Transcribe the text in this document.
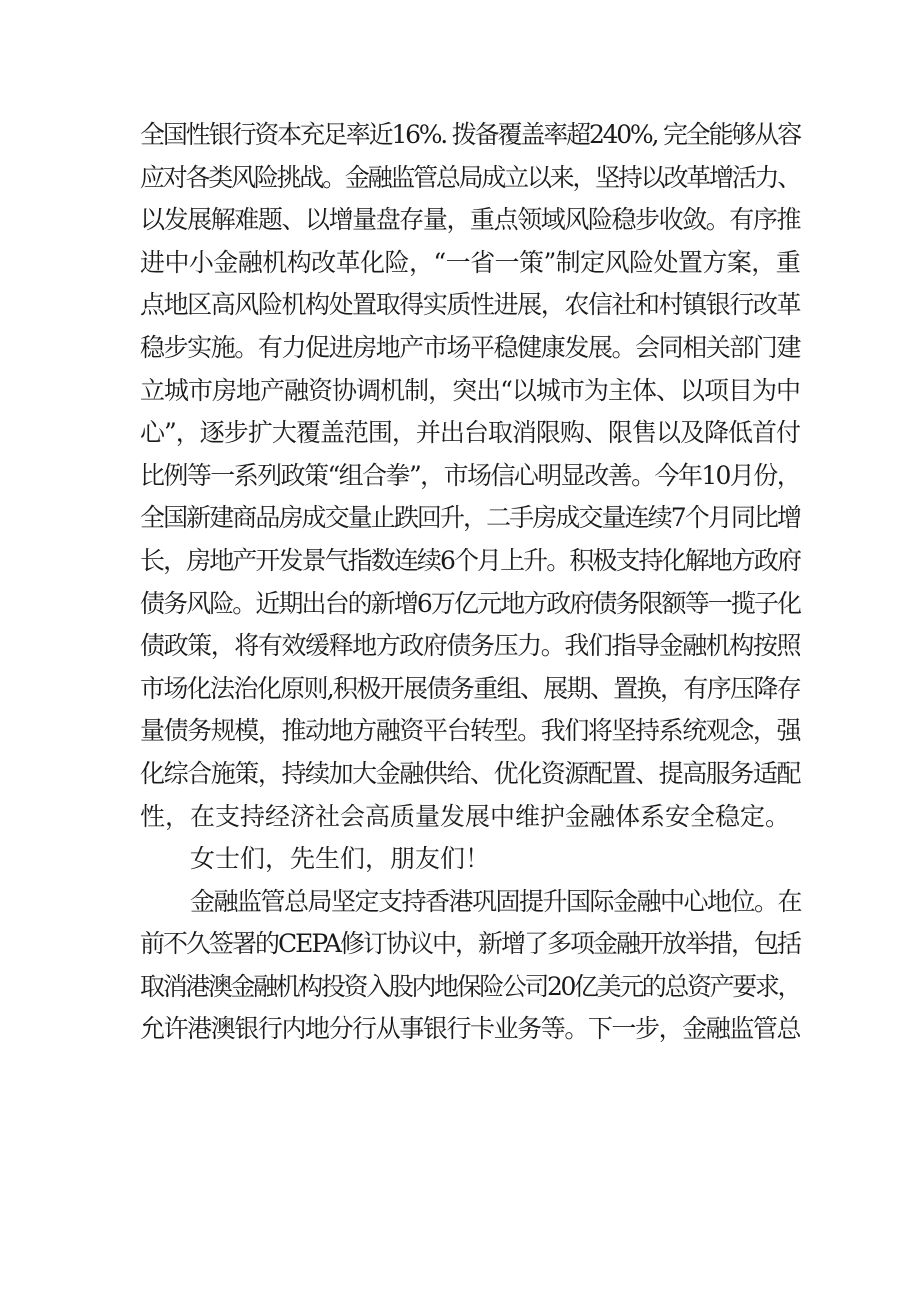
全国性银行资本充足率近16%. 拨备覆盖率超240%, 完全能够从容
应对各类风险挑战。金融监管总局成立以来，坚持以改革增活力、
以发展解难题、以增量盘存量，重点领域风险稳步收敛。有序推
进中小金融机构改革化险，“一省一策”制定风险处置方案，重
点地区高风险机构处置取得实质性进展，农信社和村镇银行改革
稳步实施。有力促进房地产市场平稳健康发展。会同相关部门建
立城市房地产融资协调机制，突出“以城市为主体、以项目为中
心”，逐步扩大覆盖范围，并出台取消限购、限售以及降低首付
比例等一系列政策“组合拳”，市场信心明显改善。今年10月份，
全国新建商品房成交量止跌回升，二手房成交量连续7个月同比增
长，房地产开发景气指数连续6个月上升。积极支持化解地方政府
债务风险。近期出台的新增6万亿元地方政府债务限额等一揽子化
债政策，将有效缓释地方政府债务压力。我们指导金融机构按照
市场化法治化原则,积极开展债务重组、展期、置换，有序压降存
量债务规模，推动地方融资平台转型。我们将坚持系统观念，强
化综合施策，持续加大金融供给、优化资源配置、提高服务适配
性，在支持经济社会高质量发展中维护金融体系安全稳定。
女士们，先生们，朋友们！
金融监管总局坚定支持香港巩固提升国际金融中心地位。在
前不久签署的CEPA修订协议中，新增了多项金融开放举措，包括
取消港澳金融机构投资入股内地保险公司20亿美元的总资产要求，
允许港澳银行内地分行从事银行卡业务等。下一步，金融监管总
